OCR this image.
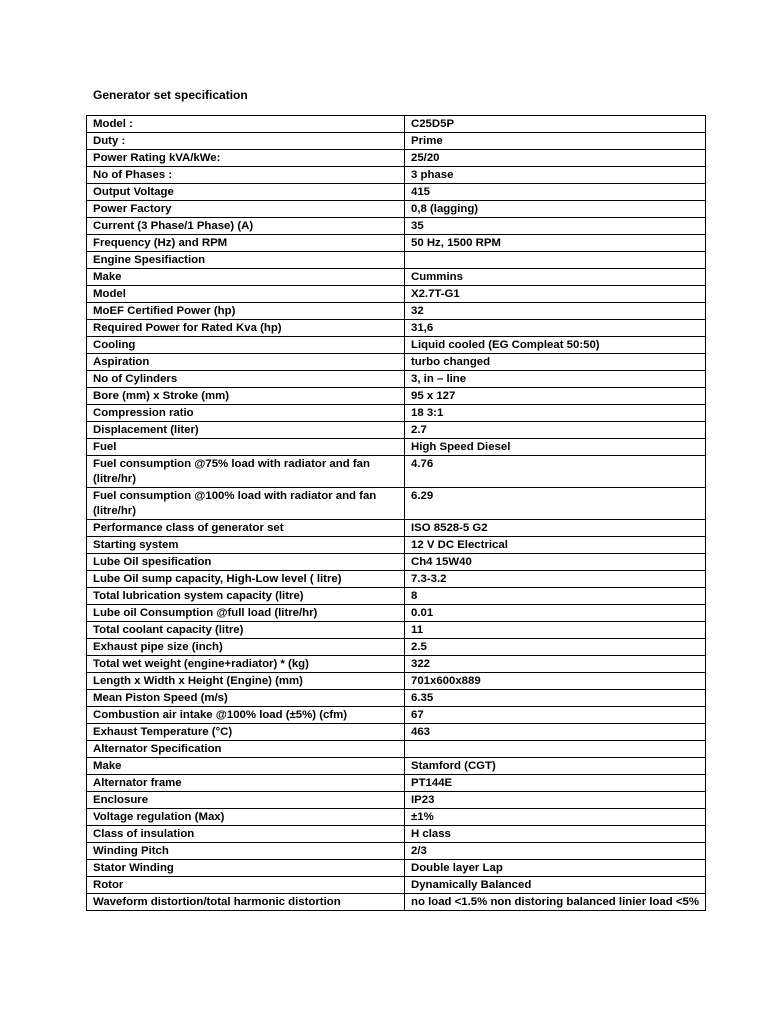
Generator set specification
Model :	C25D5P
Duty :	Prime
Power Rating kVA/kWe:	25/20
No of Phases :	3 phase
Output Voltage	415
Power Factory	0,8 (lagging)
Current (3 Phase/1 Phase) (A)	35
Frequency (Hz) and RPM	50 Hz, 1500 RPM
Engine Spesifiaction	
Make	Cummins
Model	X2.7T-G1
MoEF Certified Power (hp)	32
Required Power for Rated Kva (hp)	31,6
Cooling	Liquid cooled (EG Compleat 50:50)
Aspiration	turbo changed
No of Cylinders	3, in – line
Bore (mm) x Stroke (mm)	95 x 127
Compression ratio	18 3:1
Displacement (liter)	2.7
Fuel	High Speed Diesel
Fuel consumption @75% load with radiator and fan (litre/hr)	4.76
Fuel consumption @100% load with radiator and fan (litre/hr)	6.29
Performance class of generator set	ISO 8528-5 G2
Starting system	12 V DC Electrical
Lube Oil spesification	Ch4 15W40
Lube Oil sump capacity, High-Low level ( litre)	7.3-3.2
Total lubrication system capacity (litre)	8
Lube oil Consumption @full load (litre/hr)	0.01
Total coolant capacity (litre)	11
Exhaust pipe size (inch)	2.5
Total wet weight (engine+radiator) * (kg)	322
Length x Width x Height (Engine) (mm)	701x600x889
Mean Piston Speed (m/s)	6.35
Combustion air intake @100% load (±5%) (cfm)	67
Exhaust Temperature (°C)	463
Alternator Specification	
Make	Stamford (CGT)
Alternator frame	PT144E
Enclosure	IP23
Voltage regulation (Max)	±1%
Class of insulation	H class
Winding Pitch	2/3
Stator Winding	Double layer Lap
Rotor	Dynamically Balanced
Waveform distortion/total harmonic distortion	no load <1.5% non distoring balanced linier load <5%
